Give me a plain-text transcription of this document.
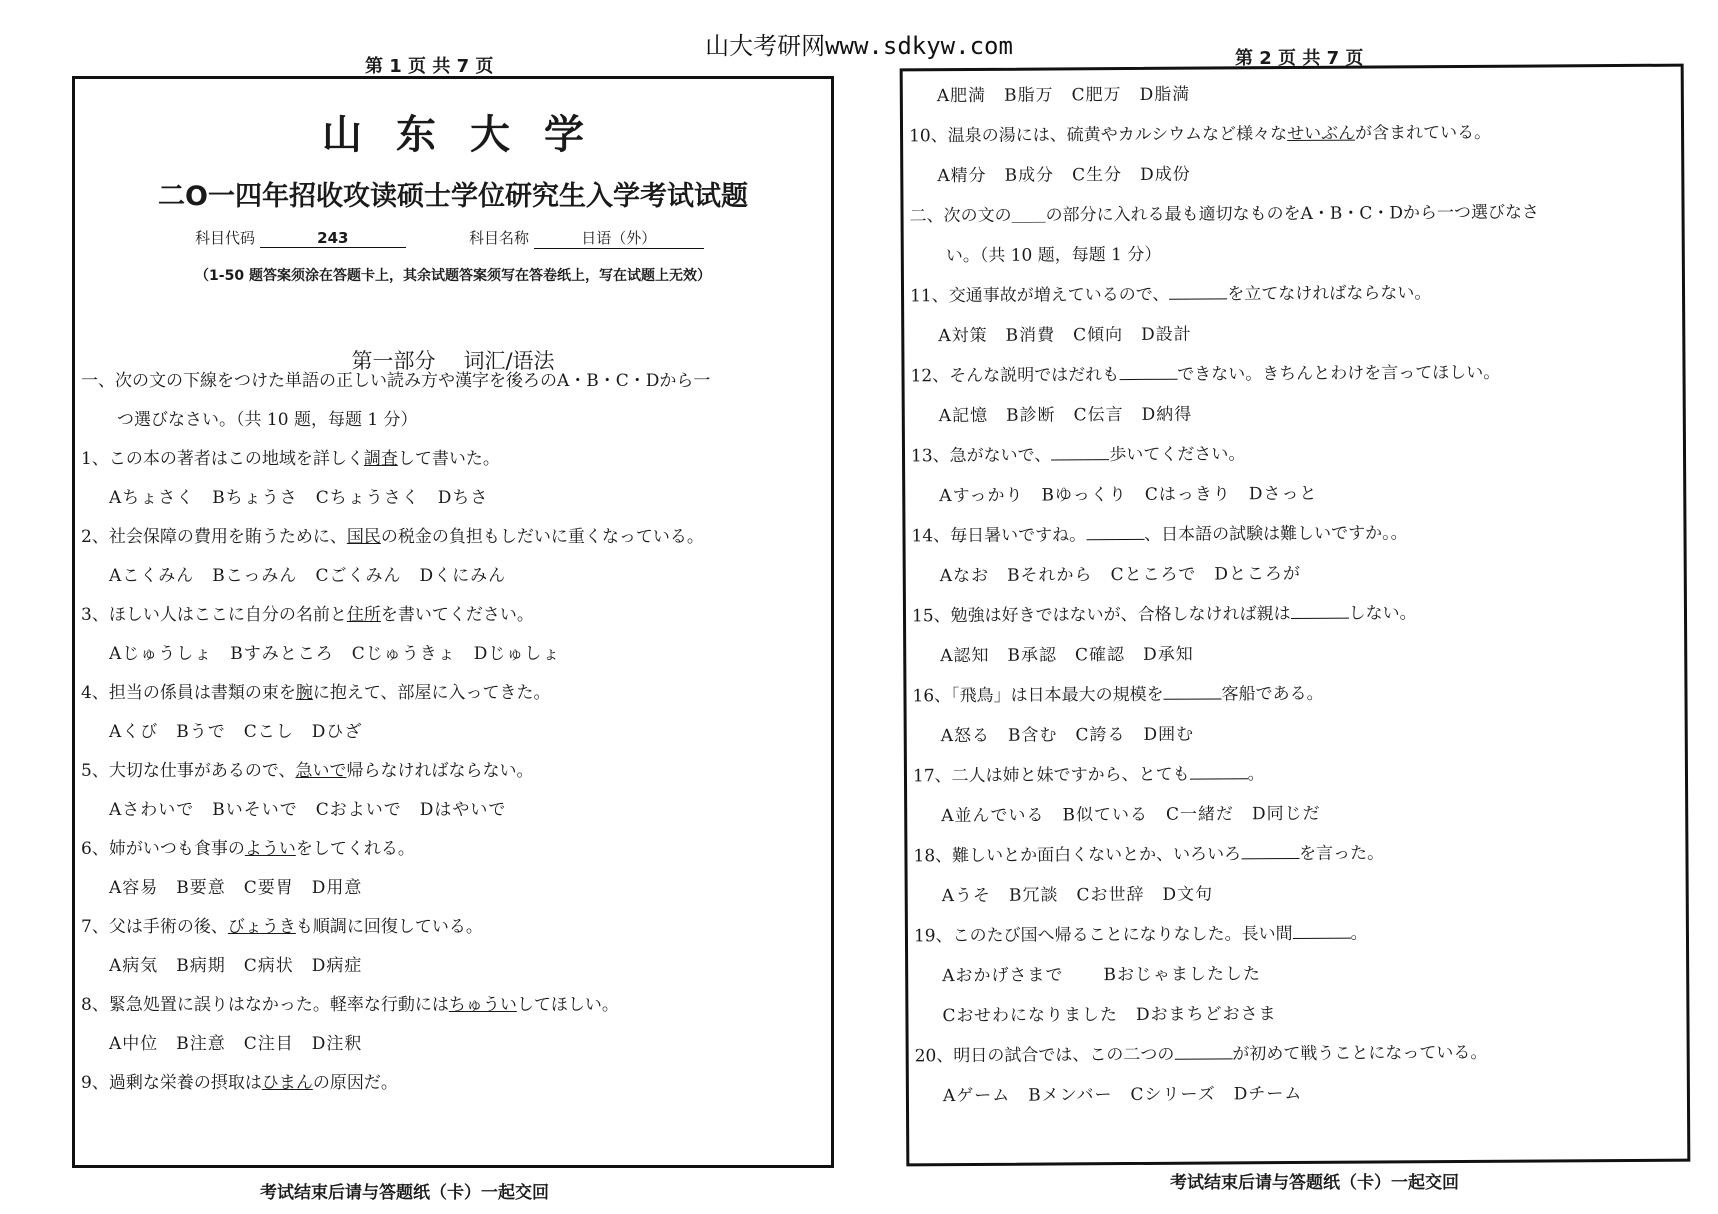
山大考研网www.sdkyw.com
第 1 页 共 7 页
山东大学
二O一四年招收攻读硕士学位研究生入学考试试题
科目代码	243	科目名称	日语（外）
（1-50 题答案须涂在答题卡上，其余试题答案须写在答卷纸上，写在试题上无效）
第一部分 词汇/语法
一、次の文の下線をつけた単語の正しい読み方や漢字を後ろのA・B・C・Dから一
つ選びなさい。（共 10 题，每题 1 分）
1、この本の著者はこの地域を詳しく調査して書いた。
Aちょさく Bちょうさ Cちょうさく Dちさ
2、社会保障の費用を賄うために、国民の税金の負担もしだいに重くなっている。
Aこくみん Bこっみん Cごくみん Dくにみん
3、ほしい人はここに自分の名前と住所を書いてください。
Aじゅうしょ Bすみところ Cじゅうきょ Dじゅしょ
4、担当の係員は書類の束を腕に抱えて、部屋に入ってきた。
Aくび Bうで Cこし Dひざ
5、大切な仕事があるので、急いで帰らなければならない。
Aさわいで Bいそいで Cおよいで Dはやいで
6、姉がいつも食事のよういをしてくれる。
A容易 B要意 C要胃 D用意
7、父は手術の後、びょうきも順調に回復している。
A病気 B病期 C病状 D病症
8、緊急処置に誤りはなかった。軽率な行動にはちゅういしてほしい。
A中位 B注意 C注目 D注釈
9、過剰な栄養の摂取はひまんの原因だ。
考试结束后请与答题纸（卡）一起交回
第 2 页 共 7 页
A肥満 B脂万 C肥万 D脂満
10、温泉の湯には、硫黄やカルシウムなど様々なせいぶんが含まれている。
A精分 B成分 C生分 D成份
二、次の文の＿＿の部分に入れる最も適切なものをA・B・C・Dから一つ選びなさ
い。（共 10 题，每题 1 分）
11、交通事故が増えているので、	を立てなければならない。
A対策 B消費 C傾向 D設計
12、そんな説明ではだれも	できない。きちんとわけを言ってほしい。
A記憶 B診断 C伝言 D納得
13、急がないで、	歩いてください。
Aすっかり Bゆっくり Cはっきり Dさっと
14、毎日暑いですね。	、日本語の試験は難しいですか。。
Aなお Bそれから Cところで Dところが
15、勉強は好きではないが、合格しなければ親は	しない。
A認知 B承認 C確認 D承知
16、「飛鳥」は日本最大の規模を	客船である。
A怒る B含む C誇る D囲む
17、二人は姉と妹ですから、とても	。
A並んでいる B似ている C一緒だ D同じだ
18、難しいとか面白くないとか、いろいろ	を言った。
Aうそ B冗談 Cお世辞 D文句
19、このたび国へ帰ることになりなした。長い間	。
Aおかげさまで Bおじゃましたした
Cおせわになりました Dおまちどおさま
20、明日の試合では、この二つの	が初めて戦うことになっている。
Aゲーム Bメンバー Cシリーズ Dチーム
考试结束后请与答题纸（卡）一起交回
